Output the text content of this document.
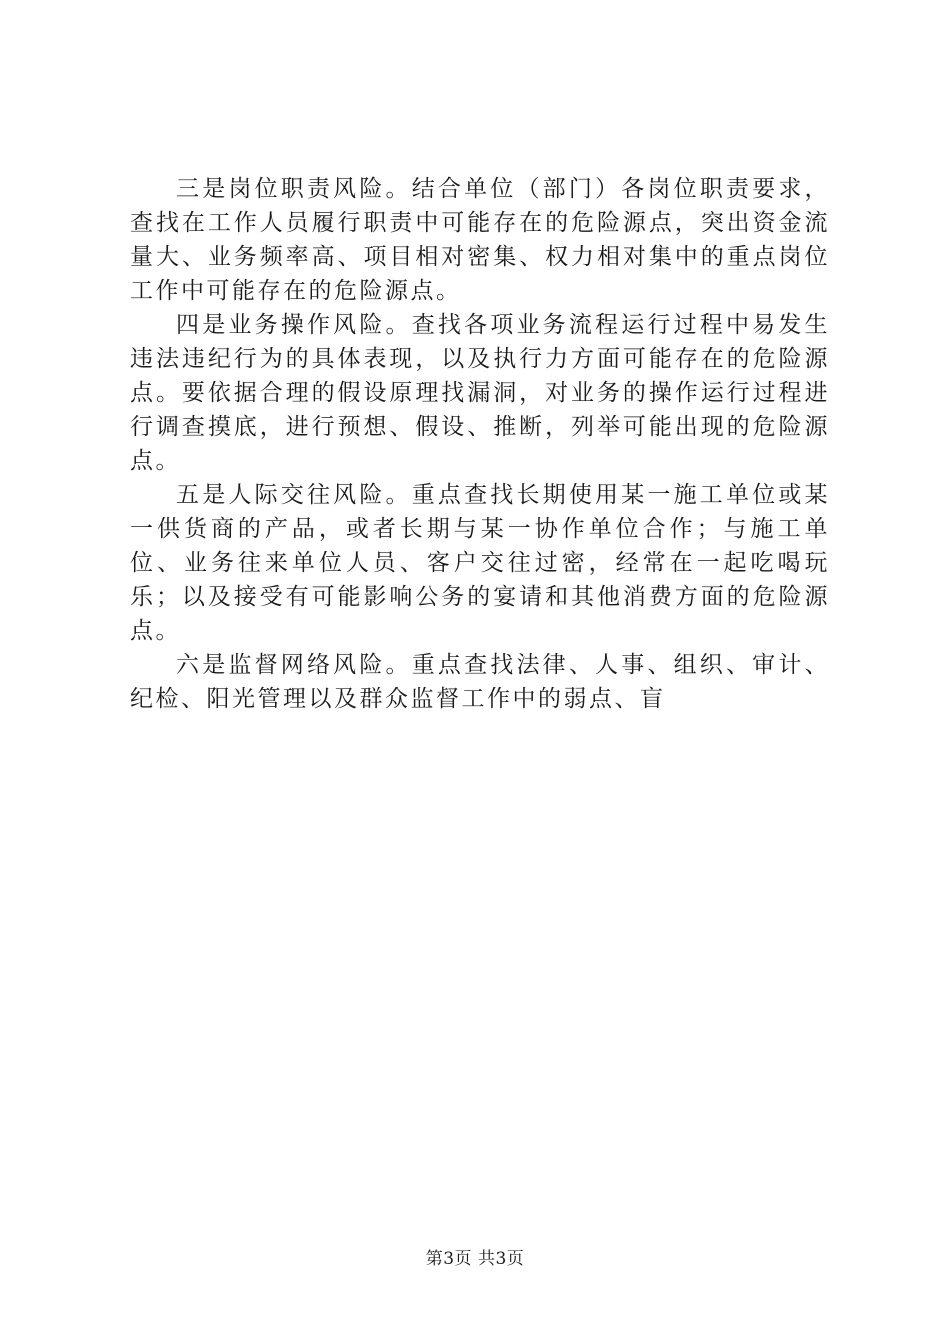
三是岗位职责风险。结合单位（部门）各岗位职责要求，查找在工作人员履行职责中可能存在的危险源点，突出资金流量大、业务频率高、项目相对密集、权力相对集中的重点岗位工作中可能存在的危险源点。

四是业务操作风险。查找各项业务流程运行过程中易发生违法违纪行为的具体表现，以及执行力方面可能存在的危险源点。要依据合理的假设原理找漏洞，对业务的操作运行过程进行调查摸底，进行预想、假设、推断，列举可能出现的危险源点。

五是人际交往风险。重点查找长期使用某一施工单位或某一供货商的产品，或者长期与某一协作单位合作；与施工单位、业务往来单位人员、客户交往过密，经常在一起吃喝玩乐；以及接受有可能影响公务的宴请和其他消费方面的危险源点。

六是监督网络风险。重点查找法律、人事、组织、审计、纪检、阳光管理以及群众监督工作中的弱点、盲

第3页 共3页
